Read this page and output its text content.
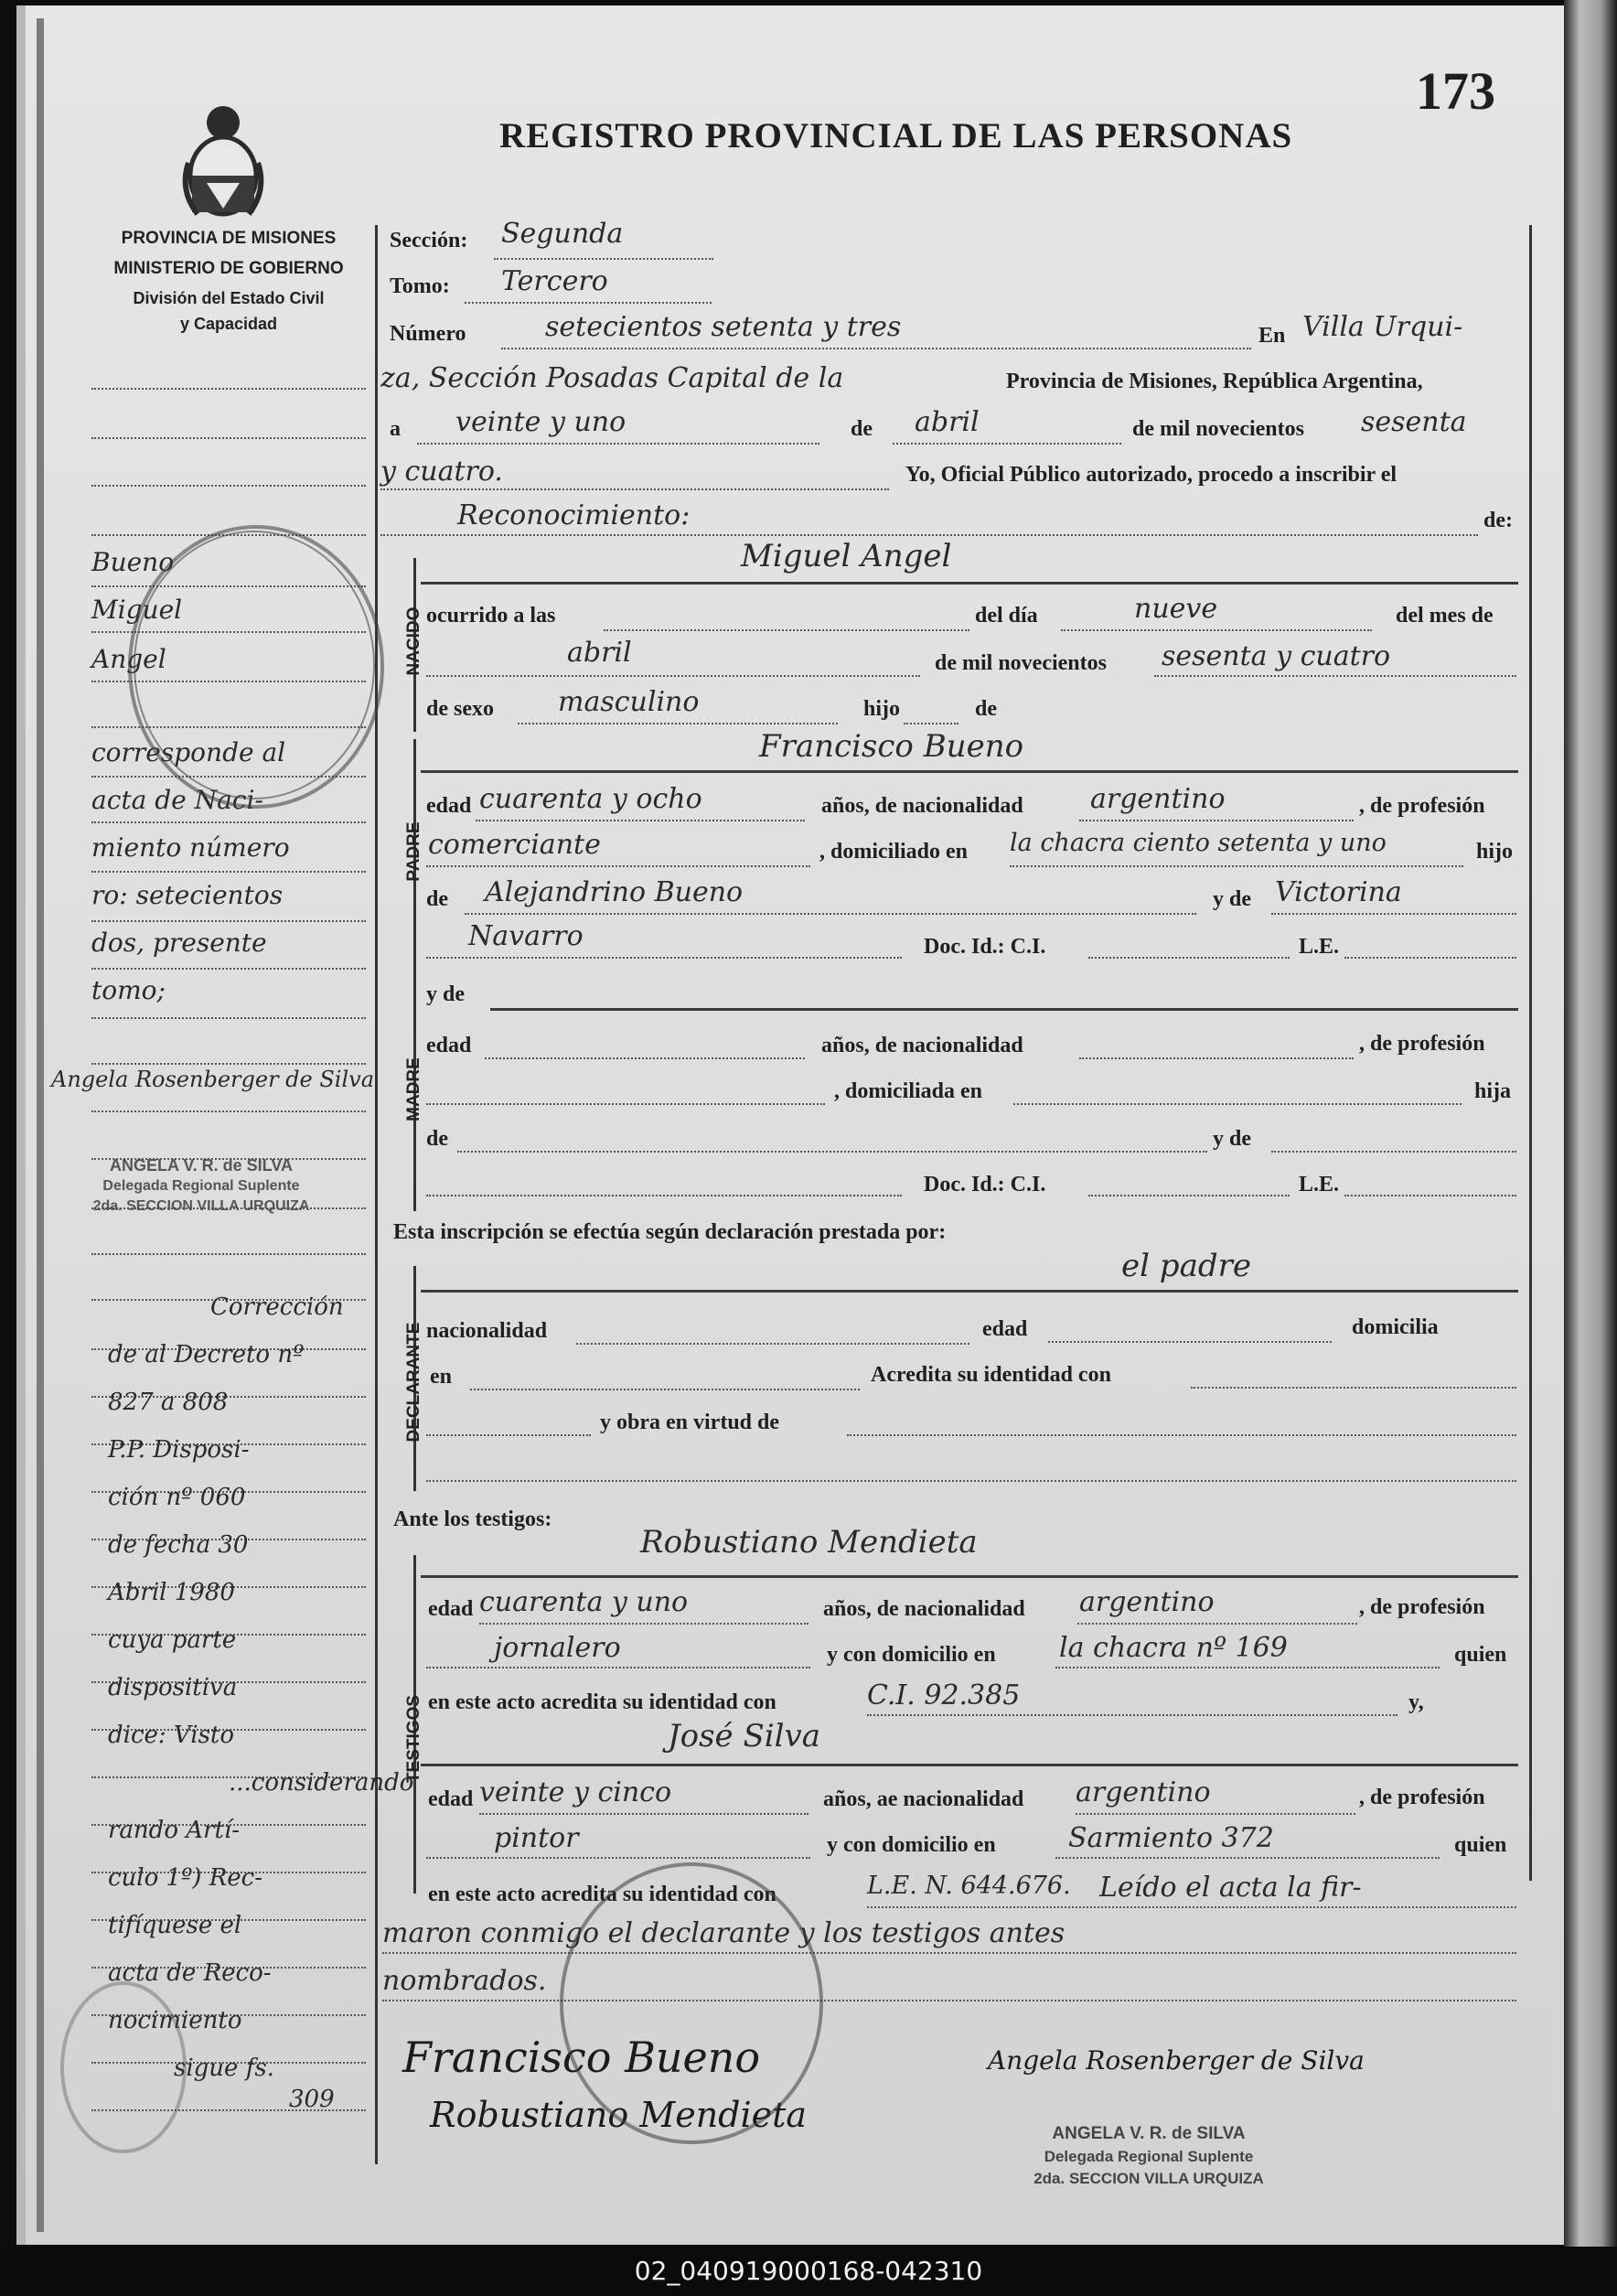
173
REGISTRO PROVINCIAL DE LAS PERSONAS
PROVINCIA DE MISIONES
MINISTERIO DE GOBIERNO
División del Estado Civil
y Capacidad
Sección: Segunda
Tomo: Tercero
Número	setecientos setenta y tres	En Villa Urqui-
za, Sección Posadas Capital de la	Provincia de Misiones, República Argentina,
a veinte y uno	de abril	de mil novecientos sesenta
y cuatro.	Yo, Oficial Público autorizado, procedo a inscribir el
Reconocimiento:	de:
NACIDO
Miguel Angel
ocurrido a las	del día	nueve	del mes de
abril	de mil novecientos sesenta y cuatro
de sexo masculino	hijo	de
PADRE
Francisco Bueno
edad cuarenta y ocho	años, de nacionalidad argentino	, de profesión
comerciante	, domiciliado en la chacra ciento setenta y uno	hijo
de Alejandrino Bueno	y de Victorina
Navarro	Doc. Id.: C.I.	L.E.
MADRE
y de
edad	años, de nacionalidad	, de profesión
, domiciliada en	hija
de	y de
Doc. Id.: C.I.	L.E.
Esta inscripción se efectúa según declaración prestada por:
el padre
DECLARANTE nacionalidad	edad	domicilia
en	Acredita su identidad con
y obra en virtud de
Ante los testigos:
Robustiano Mendieta
TESTIGOS
edad cuarenta y uno	años, de nacionalidad argentino	, de profesión
jornalero	y con domicilio en la chacra nº 169	quien
en este acto acredita su identidad con	C.I. 92.385	y,
José Silva
edad veinte y cinco	años, ae nacionalidad argentino	, de profesión
pintor	y con domicilio en	Sarmiento 372	quien
en este acto acredita su identidad con	L.E. N. 644.676. Leído el acta la fir-
maron conmigo el declarante y los testigos antes
nombrados.
Francisco Bueno	Angela Rosenberger de Silva
Robustiano Mendieta	ANGELA V. R. de SILVA
Delegada Regional Suplente
2da. SECCION VILLA URQUIZA
Bueno
Miguel
Angel
corresponde al
acta de Naci-
miento número
ro: setecientos
dos, presente
tomo;
Angela Rosenberger de Silva
ANGELA V. R. de SILVA
Delegada Regional Suplente
2da. SECCION VILLA URQUIZA
Corrección
de al Decreto nº
827 a 808
P.P. Disposi-
ción nº 060
de fecha 30
Abril 1980
cuya parte
dispositiva
dice: Visto
...considerando
rando Artí-
culo 1º) Rec-
tifíquese el
acta de Reco-
nocimiento
sigue fs.
309
02_040919000168-042310
